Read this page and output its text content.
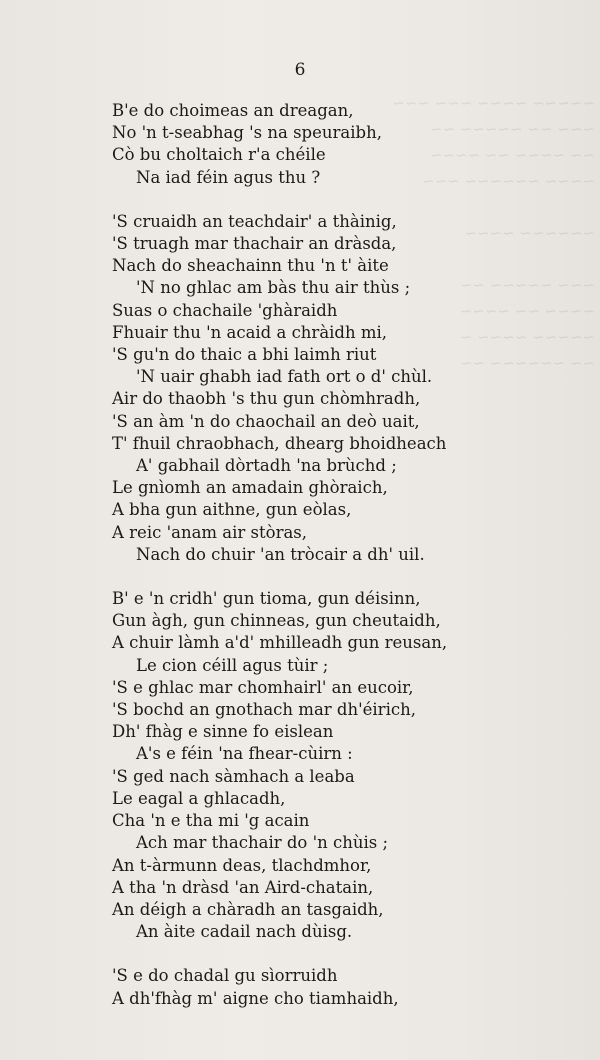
~~~~~ ~~~~ ~~~ ~~~
~~~ ~~ ~~~~~ ~~
~~ ~~~~ ~~ ~~~~
~~~~ ~~~~~~ ~~~

~~~~~~ ~~~~

~~~ ~~~~~ ~~
~~~~ ~~ ~~~~
~~~~~ ~~~~ ~
~~ ~~~~~~ ~~
6
B'e do choimeas an dreagan,
No 'n t-seabhag 's na speuraibh,
Cò bu choltaich r'a chéile
Na iad féin agus thu ?
'S cruaidh an teachdair' a thàinig,
'S truagh mar thachair an dràsda,
Nach do sheachainn thu 'n t' àite
'N no ghlac am bàs thu air thùs ;
Suas o chachaile 'ghàraidh
Fhuair thu 'n acaid a chràidh mi,
'S gu'n do thaic a bhi laimh riut
'N uair ghabh iad fath ort o d' chùl.
Air do thaobh 's thu gun chòmhradh,
'S an àm 'n do chaochail an deò uait,
T' fhuil chraobhach, dhearg bhoidheach
A' gabhail dòrtadh 'na brùchd ;
Le gnìomh an amadain ghòraich,
A bha gun aithne, gun eòlas,
A reic 'anam air stòras,
Nach do chuir 'an tròcair a dh' uil.
B' e 'n cridh' gun tioma, gun déisinn,
Gun àgh, gun chinneas, gun cheutaidh,
A chuir làmh a'd' mhilleadh gun reusan,
Le cion céill agus tùir ;
'S e ghlac mar chomhairl' an eucoir,
'S bochd an gnothach mar dh'éirich,
Dh' fhàg e sinne fo eislean
A's e féin 'na fhear-cùirn :
'S ged nach sàmhach a leaba
Le eagal a ghlacadh,
Cha 'n e tha mi 'g acain
Ach mar thachair do 'n chùis ;
An t-àrmunn deas, tlachdmhor,
A tha 'n dràsd 'an Aird-chatain,
An déigh a chàradh an tasgaidh,
An àite cadail nach dùisg.
'S e do chadal gu sìorruidh
A dh'fhàg m' aigne cho tiamhaidh,
